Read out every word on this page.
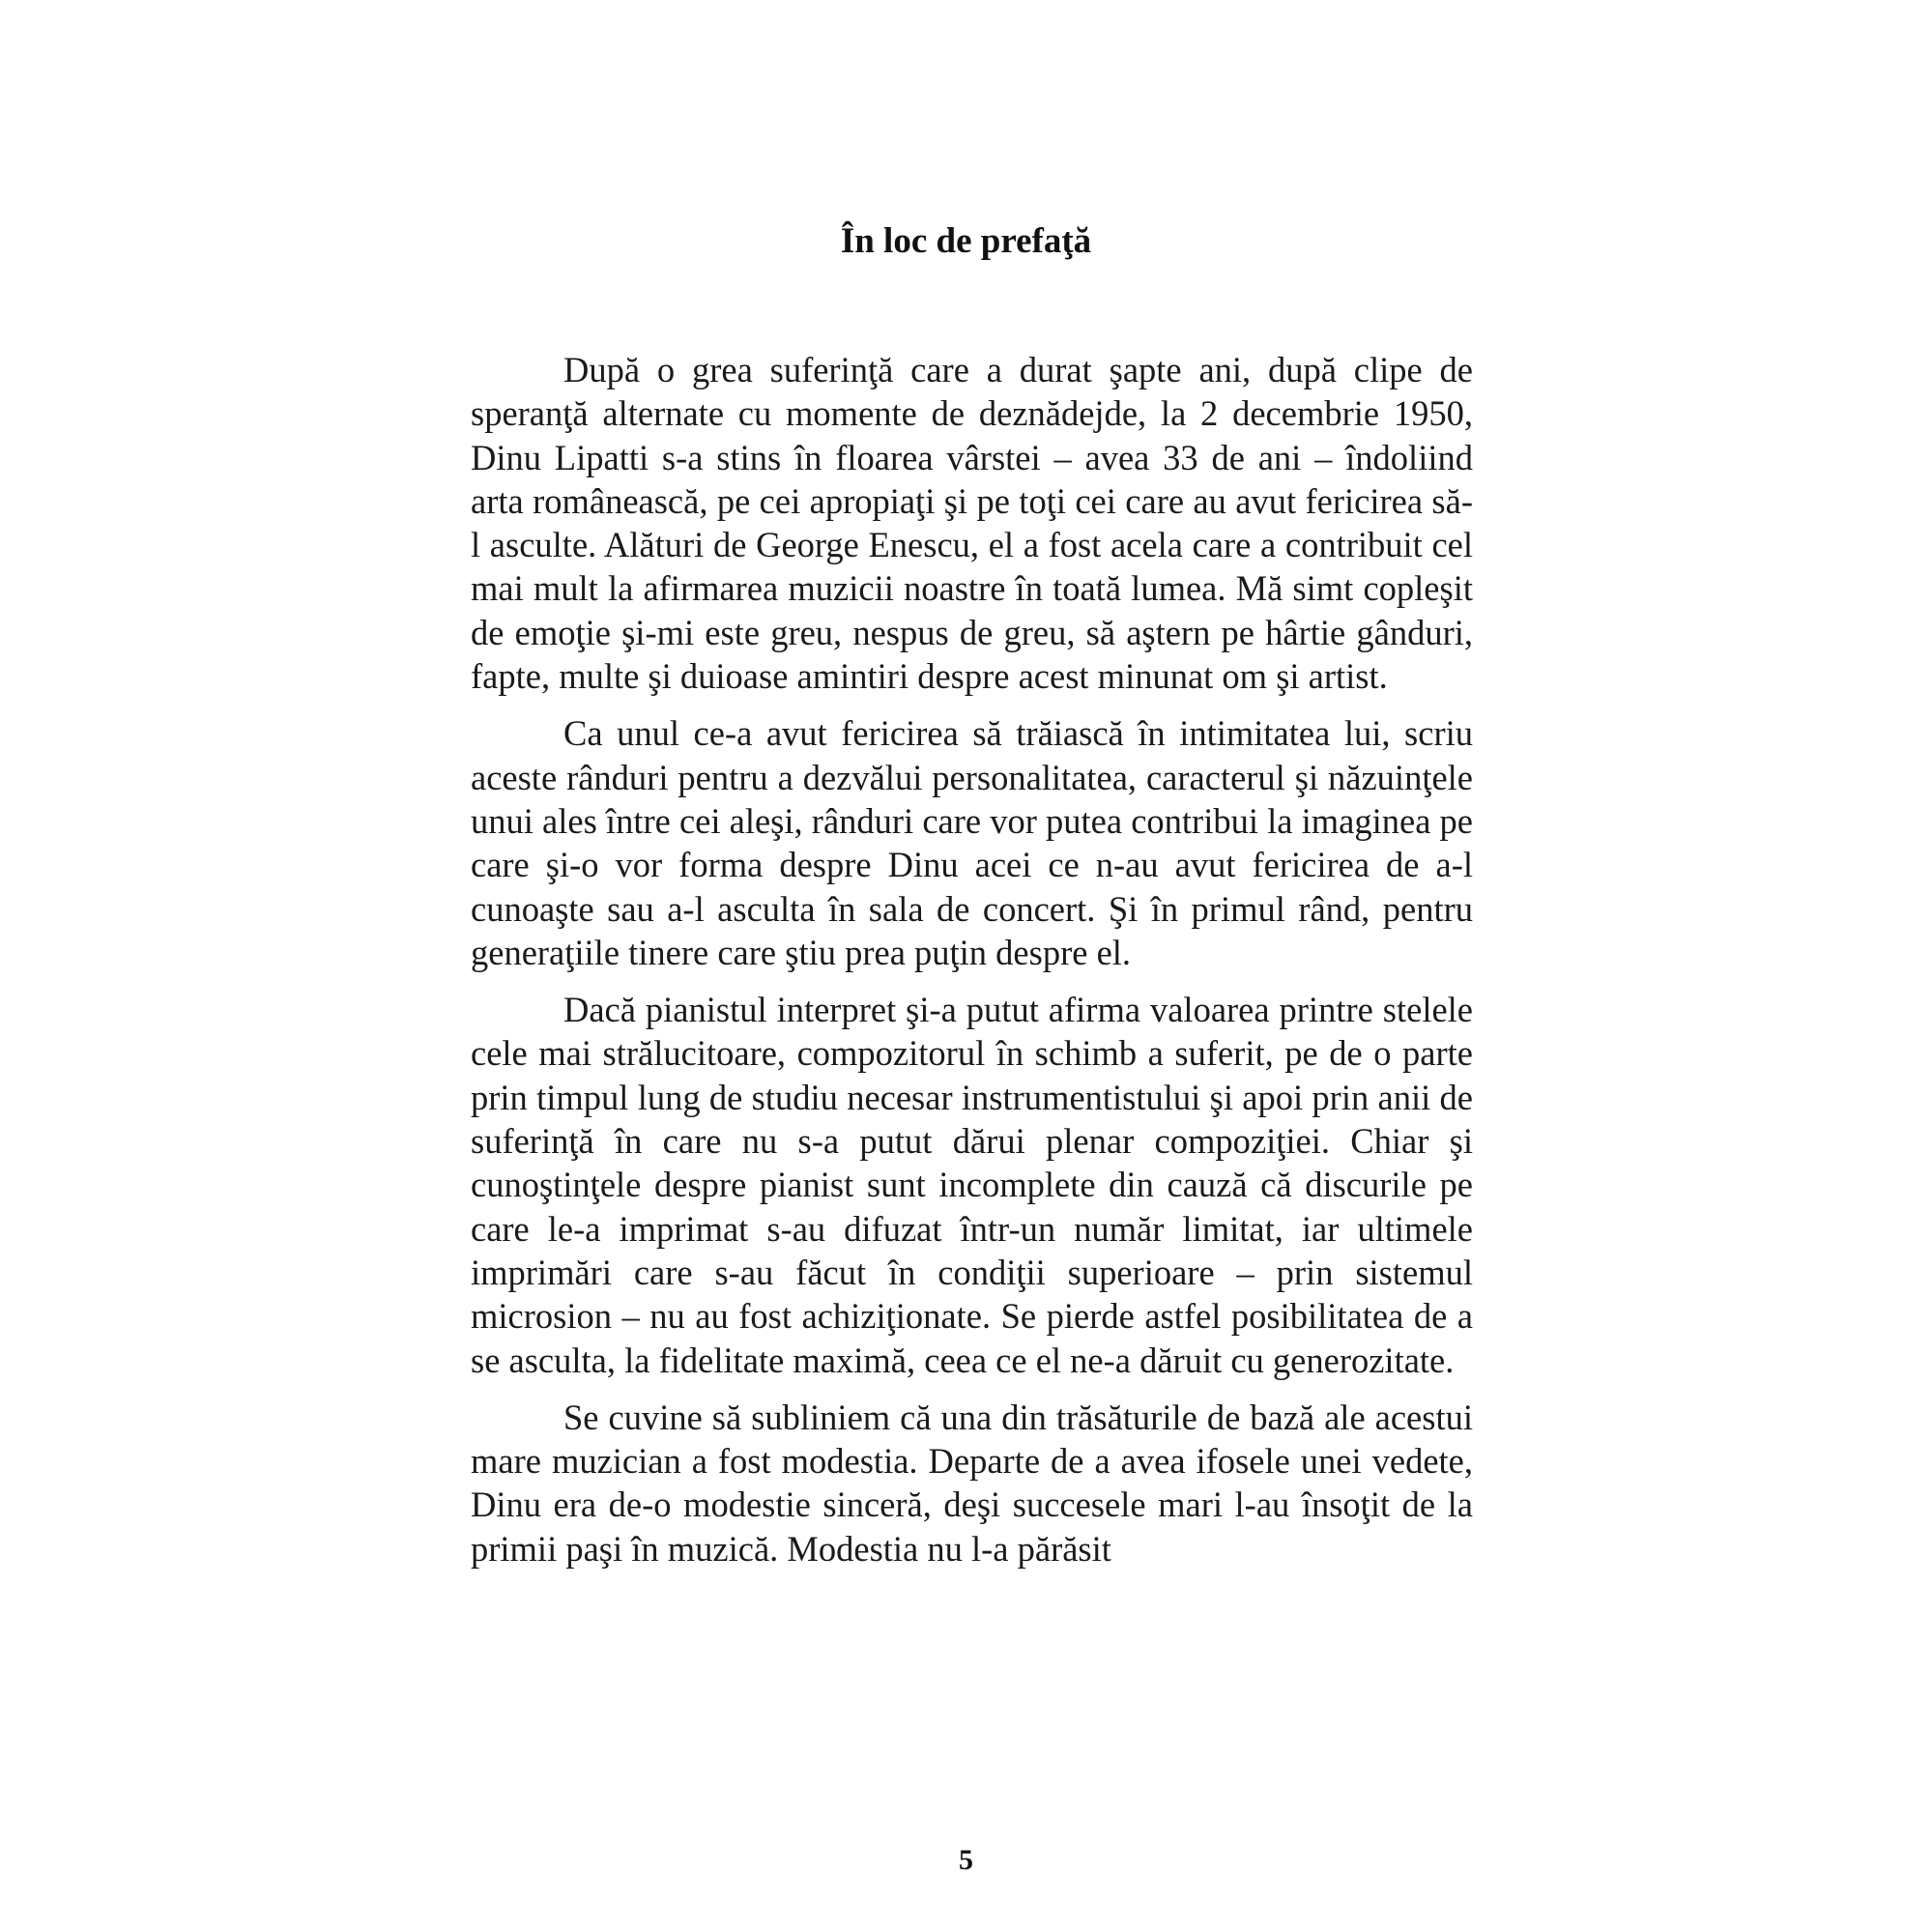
În loc de prefaţă

După o grea suferinţă care a durat şapte ani, după clipe de speranţă alternate cu momente de deznădejde, la 2 decembrie 1950, Dinu Lipatti s-a stins în floarea vârstei – avea 33 de ani – îndoliind arta românească, pe cei apropiaţi şi pe toţi cei care au avut fericirea să-l asculte. Alături de George Enescu, el a fost acela care a contribuit cel mai mult la afirmarea muzicii noastre în toată lumea. Mă simt copleşit de emoţie şi-mi este greu, nespus de greu, să aştern pe hârtie gânduri, fapte, multe şi duioase amintiri despre acest minunat om şi artist.

Ca unul ce-a avut fericirea să trăiască în intimitatea lui, scriu aceste rânduri pentru a dezvălui personalitatea, caracterul şi năzuinţele unui ales între cei aleşi, rânduri care vor putea contribui la imaginea pe care şi-o vor forma despre Dinu acei ce n-au avut fericirea de a-l cunoaşte sau a-l asculta în sala de concert. Şi în primul rând, pentru generaţiile tinere care ştiu prea puţin despre el.

Dacă pianistul interpret şi-a putut afirma valoarea printre stelele cele mai strălucitoare, compozitorul în schimb a suferit, pe de o parte prin timpul lung de studiu necesar instrumentistului şi apoi prin anii de suferinţă în care nu s-a putut dărui plenar compoziţiei. Chiar şi cunoştinţele despre pianist sunt incomplete din cauză că discurile pe care le-a imprimat s-au difuzat într-un număr limitat, iar ultimele imprimări care s-au făcut în condiţii superioare – prin sistemul microsion – nu au fost achiziţionate. Se pierde astfel posibilitatea de a se asculta, la fidelitate maximă, ceea ce el ne-a dăruit cu generozitate.

Se cuvine să subliniem că una din trăsăturile de bază ale acestui mare muzician a fost modestia. Departe de a avea ifosele unei vedete, Dinu era de-o modestie sinceră, deşi succesele mari l-au însoţit de la primii paşi în muzică. Modestia nu l-a părăsit

5
